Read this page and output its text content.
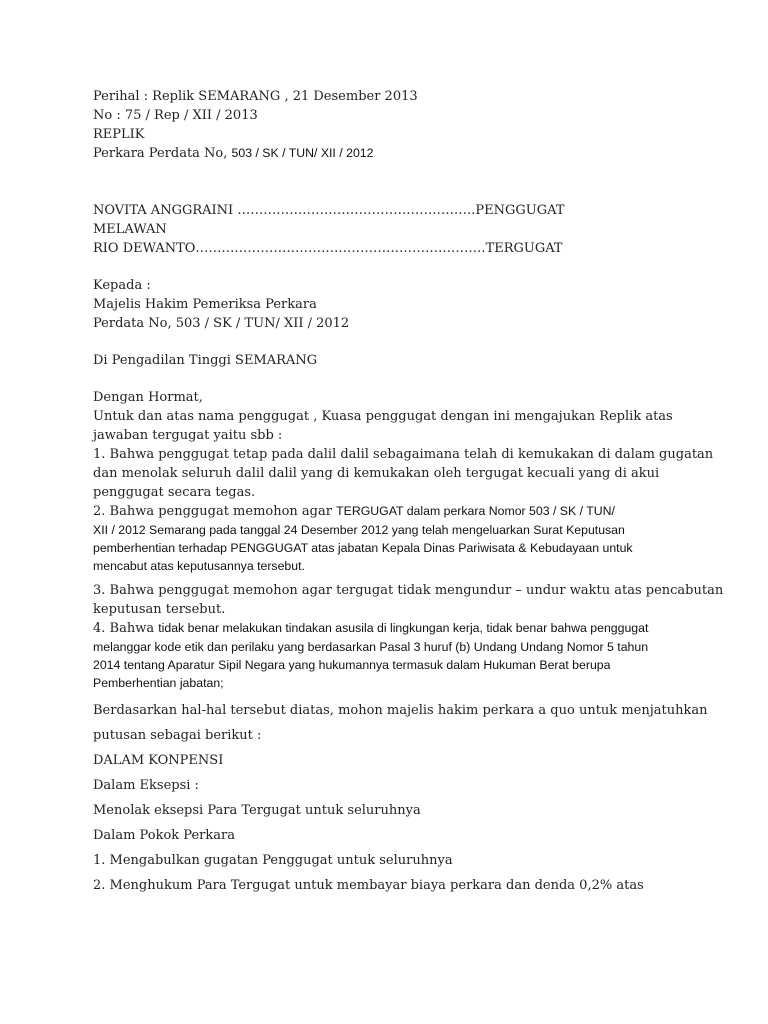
Perihal : Replik SEMARANG , 21 Desember 2013
No : 75 / Rep / XII / 2013
REPLIK
Perkara Perdata No, 503 / SK / TUN/ XII / 2012
NOVITA ANGGRAINI ……………………………………………….PENGGUGAT
MELAWAN
RIO DEWANTO………………………………………………………….TERGUGAT
Kepada :
Majelis Hakim Pemeriksa Perkara
Perdata No, 503 / SK / TUN/ XII / 2012
Di Pengadilan Tinggi SEMARANG
Dengan Hormat,
Untuk dan atas nama penggugat , Kuasa penggugat dengan ini mengajukan Replik atas
jawaban tergugat yaitu sbb :
1. Bahwa penggugat tetap pada dalil dalil sebagaimana telah di kemukakan di dalam gugatan
dan menolak seluruh dalil dalil yang di kemukakan oleh tergugat kecuali yang di akui
penggugat secara tegas.
2. Bahwa penggugat memohon agar TERGUGAT dalam perkara Nomor 503 / SK / TUN/
XII / 2012 Semarang pada tanggal 24 Desember 2012 yang telah mengeluarkan Surat Keputusan
pemberhentian terhadap PENGGUGAT atas jabatan Kepala Dinas Pariwisata & Kebudayaan untuk
mencabut atas keputusannya tersebut.
3. Bahwa penggugat memohon agar tergugat tidak mengundur – undur waktu atas pencabutan
keputusan tersebut.
4. Bahwa tidak benar melakukan tindakan asusila di lingkungan kerja, tidak benar bahwa penggugat
melanggar kode etik dan perilaku yang berdasarkan Pasal 3 huruf (b) Undang Undang Nomor 5 tahun
2014 tentang Aparatur Sipil Negara yang hukumannya termasuk dalam Hukuman Berat berupa
Pemberhentian jabatan;
Berdasarkan hal-hal tersebut diatas, mohon majelis hakim perkara a quo untuk menjatuhkan
putusan sebagai berikut :
DALAM KONPENSI
Dalam Eksepsi :
Menolak eksepsi Para Tergugat untuk seluruhnya
Dalam Pokok Perkara
1. Mengabulkan gugatan Penggugat untuk seluruhnya
2. Menghukum Para Tergugat untuk membayar biaya perkara dan denda 0,2% atas
